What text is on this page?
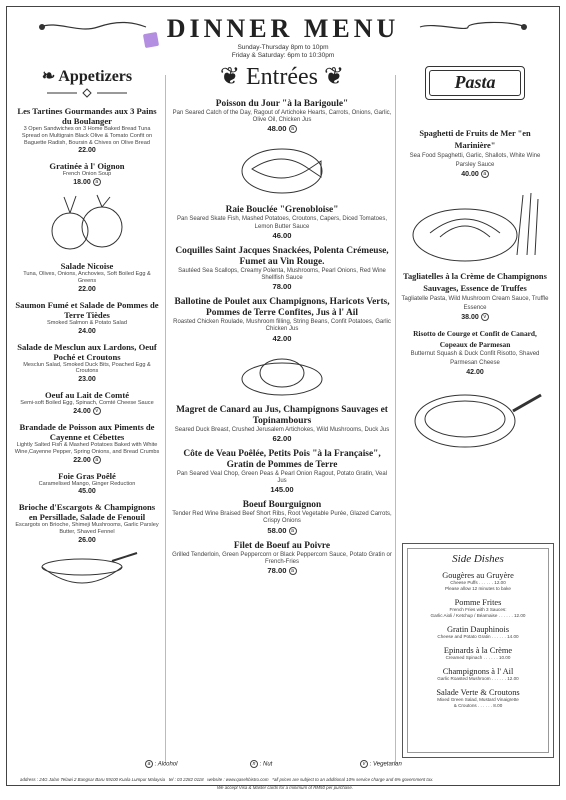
DINNER MENU
Sunday-Thursday 8pm to 10pm
Friday & Saturday: 6pm to 10:30pm
❧ Appetizers
Les Tartines Gourmandes aux 3 Pains du Boulanger
3 Open Sandwiches on 3 Home Baked Bread Tuna Spread on Multigrain Black Olive & Tomato Confit on Baguette Radish, Boursin & Chives on Olive Bread
22.00
Gratinée à l' Oignon
French Onion Soup
18.00 a
Salade Nicoise
Tuna, Olives, Onions, Anchovies, Soft Boiled Egg & Greens
22.00
Saumon Fumé et Salade de Pommes de Terre Tièdes
Smoked Salmon & Potato Salad
24.00
Salade de Mesclun aux Lardons, Oeuf Poché et Croutons
Mesclun Salad, Smoked Duck Bits, Poached Egg & Croutons
23.00
Oeuf au Lait de Comté
Semi-soft Boiled Egg, Spinach, Comté Cheese Sauce
24.00 v
Brandade de Poisson aux Piments de Cayenne et Cébettes
Lightly Salted Fish & Mashed Potatoes Baked with White Wine,Cayenne Pepper, Spring Onions, and Bread Crumbs
22.00 a
Foie Gras Poêlé
Caramelised Mango, Ginger Reduction
45.00
Brioche d'Escargots & Champignons en Persillade, Salade de Fenouil
Escargots on Brioche, Shimeji Mushrooms, Garlic Parsley Butter, Shaved Fennel
26.00
❦ Entrées ❦
Poisson du Jour "à la Barigoule"
Pan Seared Catch of the Day, Ragout of Artichoke Hearts, Carrots, Onions, Garlic, Olive Oil, Chicken Jus
48.00 a
Raie Bouclée "Grenobloise"
Pan Seared Skate Fish, Mashed Potatoes, Croutons, Capers, Diced Tomatoes, Lemon Butter Sauce
46.00
Coquilles Saint Jacques Snackées, Polenta Crémeuse, Fumet au Vin Rouge.
Sautéed Sea Scallops, Creamy Polenta, Mushrooms, Pearl Onions, Red Wine Shellfish Sauce
78.00
Ballotine de Poulet aux Champignons, Haricots Verts, Pommes de Terre Confites, Jus à l' Ail
Roasted Chicken Roulade, Mushroom filling, String Beans, Confit Potatoes, Garlic Chicken Jus
42.00
Magret de Canard au Jus, Champignons Sauvages et Topinambours
Seared Duck Breast, Crushed Jerusalem Artichokes, Wild Mushrooms, Duck Jus
62.00
Côte de Veau Poêlée, Petits Pois "à la Française", Gratin de Pommes de Terre
Pan Seared Veal Chop, Green Peas & Pearl Onion Ragout, Potato Gratin, Veal Jus
145.00
Boeuf Bourguignon
Tender Red Wine Braised Beef Short Ribs, Root Vegetable Purée, Glazed Carrots, Crispy Onions
58.00 a
Filet de Boeuf au Poivre
Grilled Tenderloin, Green Peppercorn or Black Peppercorn Sauce, Potato Gratin or French-Fries
78.00 a
Pasta
Spaghetti de Fruits de Mer "en Marinière"
Sea Food Spaghetti, Garlic, Shallots, White Wine Parsley Sauce
40.00 a
Tagliatelles à la Crème de Champignons Sauvages, Essence de Truffes
Tagliatelle Pasta, Wild Mushroom Cream Sauce, Truffle Essence
38.00 v
Risotto de Courge et Confit de Canard, Copeaux de Parmesan
Butternut Squash & Duck Confit Risotto, Shaved Parmesan Cheese
42.00
Side Dishes
Gougères au Gruyère
Cheese Puffs . . . . . . 12.00
Please allow 12 minutes to bake
Pomme Frites
French Fries with 3 Sauces:
Garlic Aioli / Ketchup / Béarnaise . . . . . . 12.00
Gratin Dauphinois
Cheese and Potato Gratin . . . . . . 14.00
Epinards à la Crème
Creamed Spinach . . . . . . 10.00
Champignons à l' Ail
Garlic Roasted Mushroom . . . . . . 12.00
Salade Verte & Croutons
Mixed Green Salad, Mustard Vinaigrette
& Croutons . . . . . . 8.00
a : Alcohol	n : Nut	v : Vegetarian
address : 24G Jalan Telawi 2 Bangsar Baru 59100 Kuala Lumpur Malaysia tel : 03 2282 0118 website : www.qasehbistro.com *all prices are subject to an additional 10% service charge and 6% government tax.
We accept Visa & Master cards for a minimum of RM50 per purchase.
